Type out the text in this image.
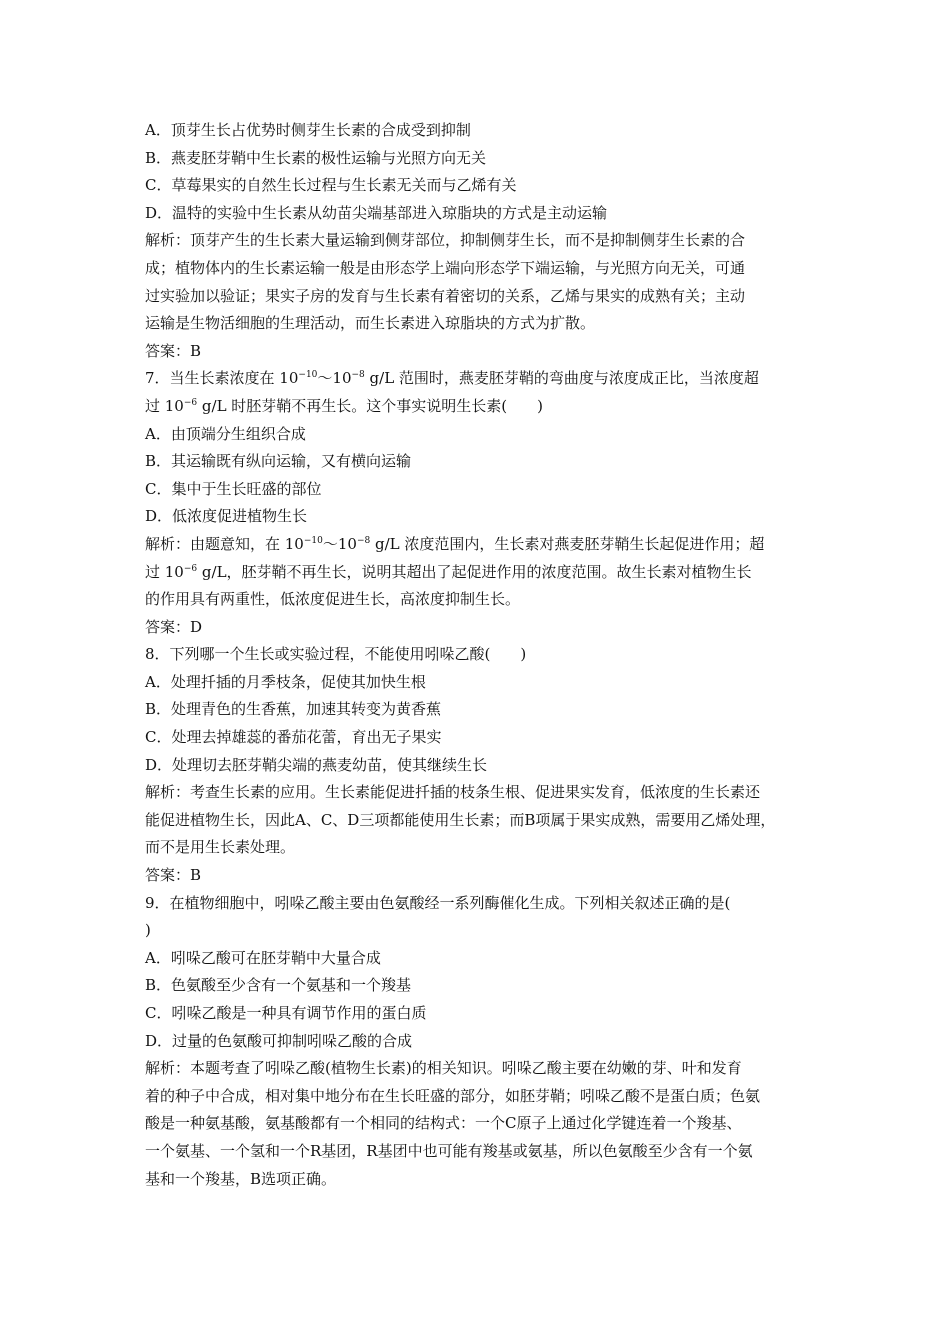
A．顶芽生长占优势时侧芽生长素的合成受到抑制

B．燕麦胚芽鞘中生长素的极性运输与光照方向无关

C．草莓果实的自然生长过程与生长素无关而与乙烯有关

D．温特的实验中生长素从幼苗尖端基部进入琼脂块的方式是主动运输

解析：顶芽产生的生长素大量运输到侧芽部位，抑制侧芽生长，而不是抑制侧芽生长素的合

成；植物体内的生长素运输一般是由形态学上端向形态学下端运输，与光照方向无关，可通

过实验加以验证；果实子房的发育与生长素有着密切的关系，乙烯与果实的成熟有关；主动

运输是生物活细胞的生理活动，而生长素进入琼脂块的方式为扩散。

答案：B

7．当生长素浓度在 $10^{-10}\sim 10^{-8}$ g/L 范围时，燕麦胚芽鞘的弯曲度与浓度成正比，当浓度超

过 $10^{-6}$ g/L 时胚芽鞘不再生长。这个事实说明生长素(　　)

A．由顶端分生组织合成

B．其运输既有纵向运输，又有横向运输

C．集中于生长旺盛的部位

D．低浓度促进植物生长

解析：由题意知，在 $10^{-10}\sim 10^{-8}$ g/L 浓度范围内，生长素对燕麦胚芽鞘生长起促进作用；超

过 $10^{-6}$ g/L，胚芽鞘不再生长，说明其超出了起促进作用的浓度范围。故生长素对植物生长

的作用具有两重性，低浓度促进生长，高浓度抑制生长。

答案：D

8．下列哪一个生长或实验过程，不能使用吲哚乙酸(　　)

A．处理扦插的月季枝条，促使其加快生根

B．处理青色的生香蕉，加速其转变为黄香蕉

C．处理去掉雄蕊的番茄花蕾，育出无子果实

D．处理切去胚芽鞘尖端的燕麦幼苗，使其继续生长

解析：考查生长素的应用。生长素能促进扦插的枝条生根、促进果实发育，低浓度的生长素还

能促进植物生长，因此A、C、D三项都能使用生长素；而B项属于果实成熟，需要用乙烯处理，

而不是用生长素处理。

答案：B

9．在植物细胞中，吲哚乙酸主要由色氨酸经一系列酶催化生成。下列相关叙述正确的是(

)

A．吲哚乙酸可在胚芽鞘中大量合成

B．色氨酸至少含有一个氨基和一个羧基

C．吲哚乙酸是一种具有调节作用的蛋白质

D．过量的色氨酸可抑制吲哚乙酸的合成

解析：本题考查了吲哚乙酸(植物生长素)的相关知识。吲哚乙酸主要在幼嫩的芽、叶和发育

着的种子中合成，相对集中地分布在生长旺盛的部分，如胚芽鞘；吲哚乙酸不是蛋白质；色氨

酸是一种氨基酸，氨基酸都有一个相同的结构式：一个C原子上通过化学键连着一个羧基、

一个氨基、一个氢和一个R基团，R基团中也可能有羧基或氨基，所以色氨酸至少含有一个氨

基和一个羧基，B选项正确。
